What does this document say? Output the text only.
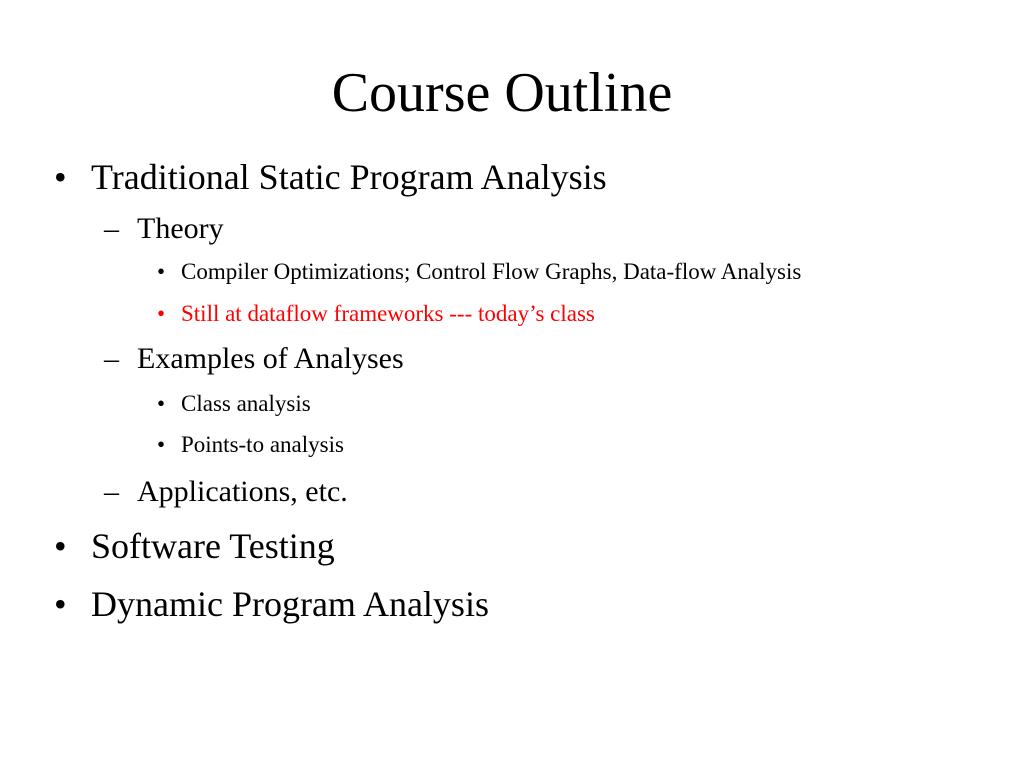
Course Outline
• Traditional Static Program Analysis
– Theory
• Compiler Optimizations; Control Flow Graphs, Data-flow Analysis
• Still at dataflow frameworks --- today’s class
– Examples of Analyses
• Class analysis
• Points-to analysis
– Applications, etc.
• Software Testing
• Dynamic Program Analysis
